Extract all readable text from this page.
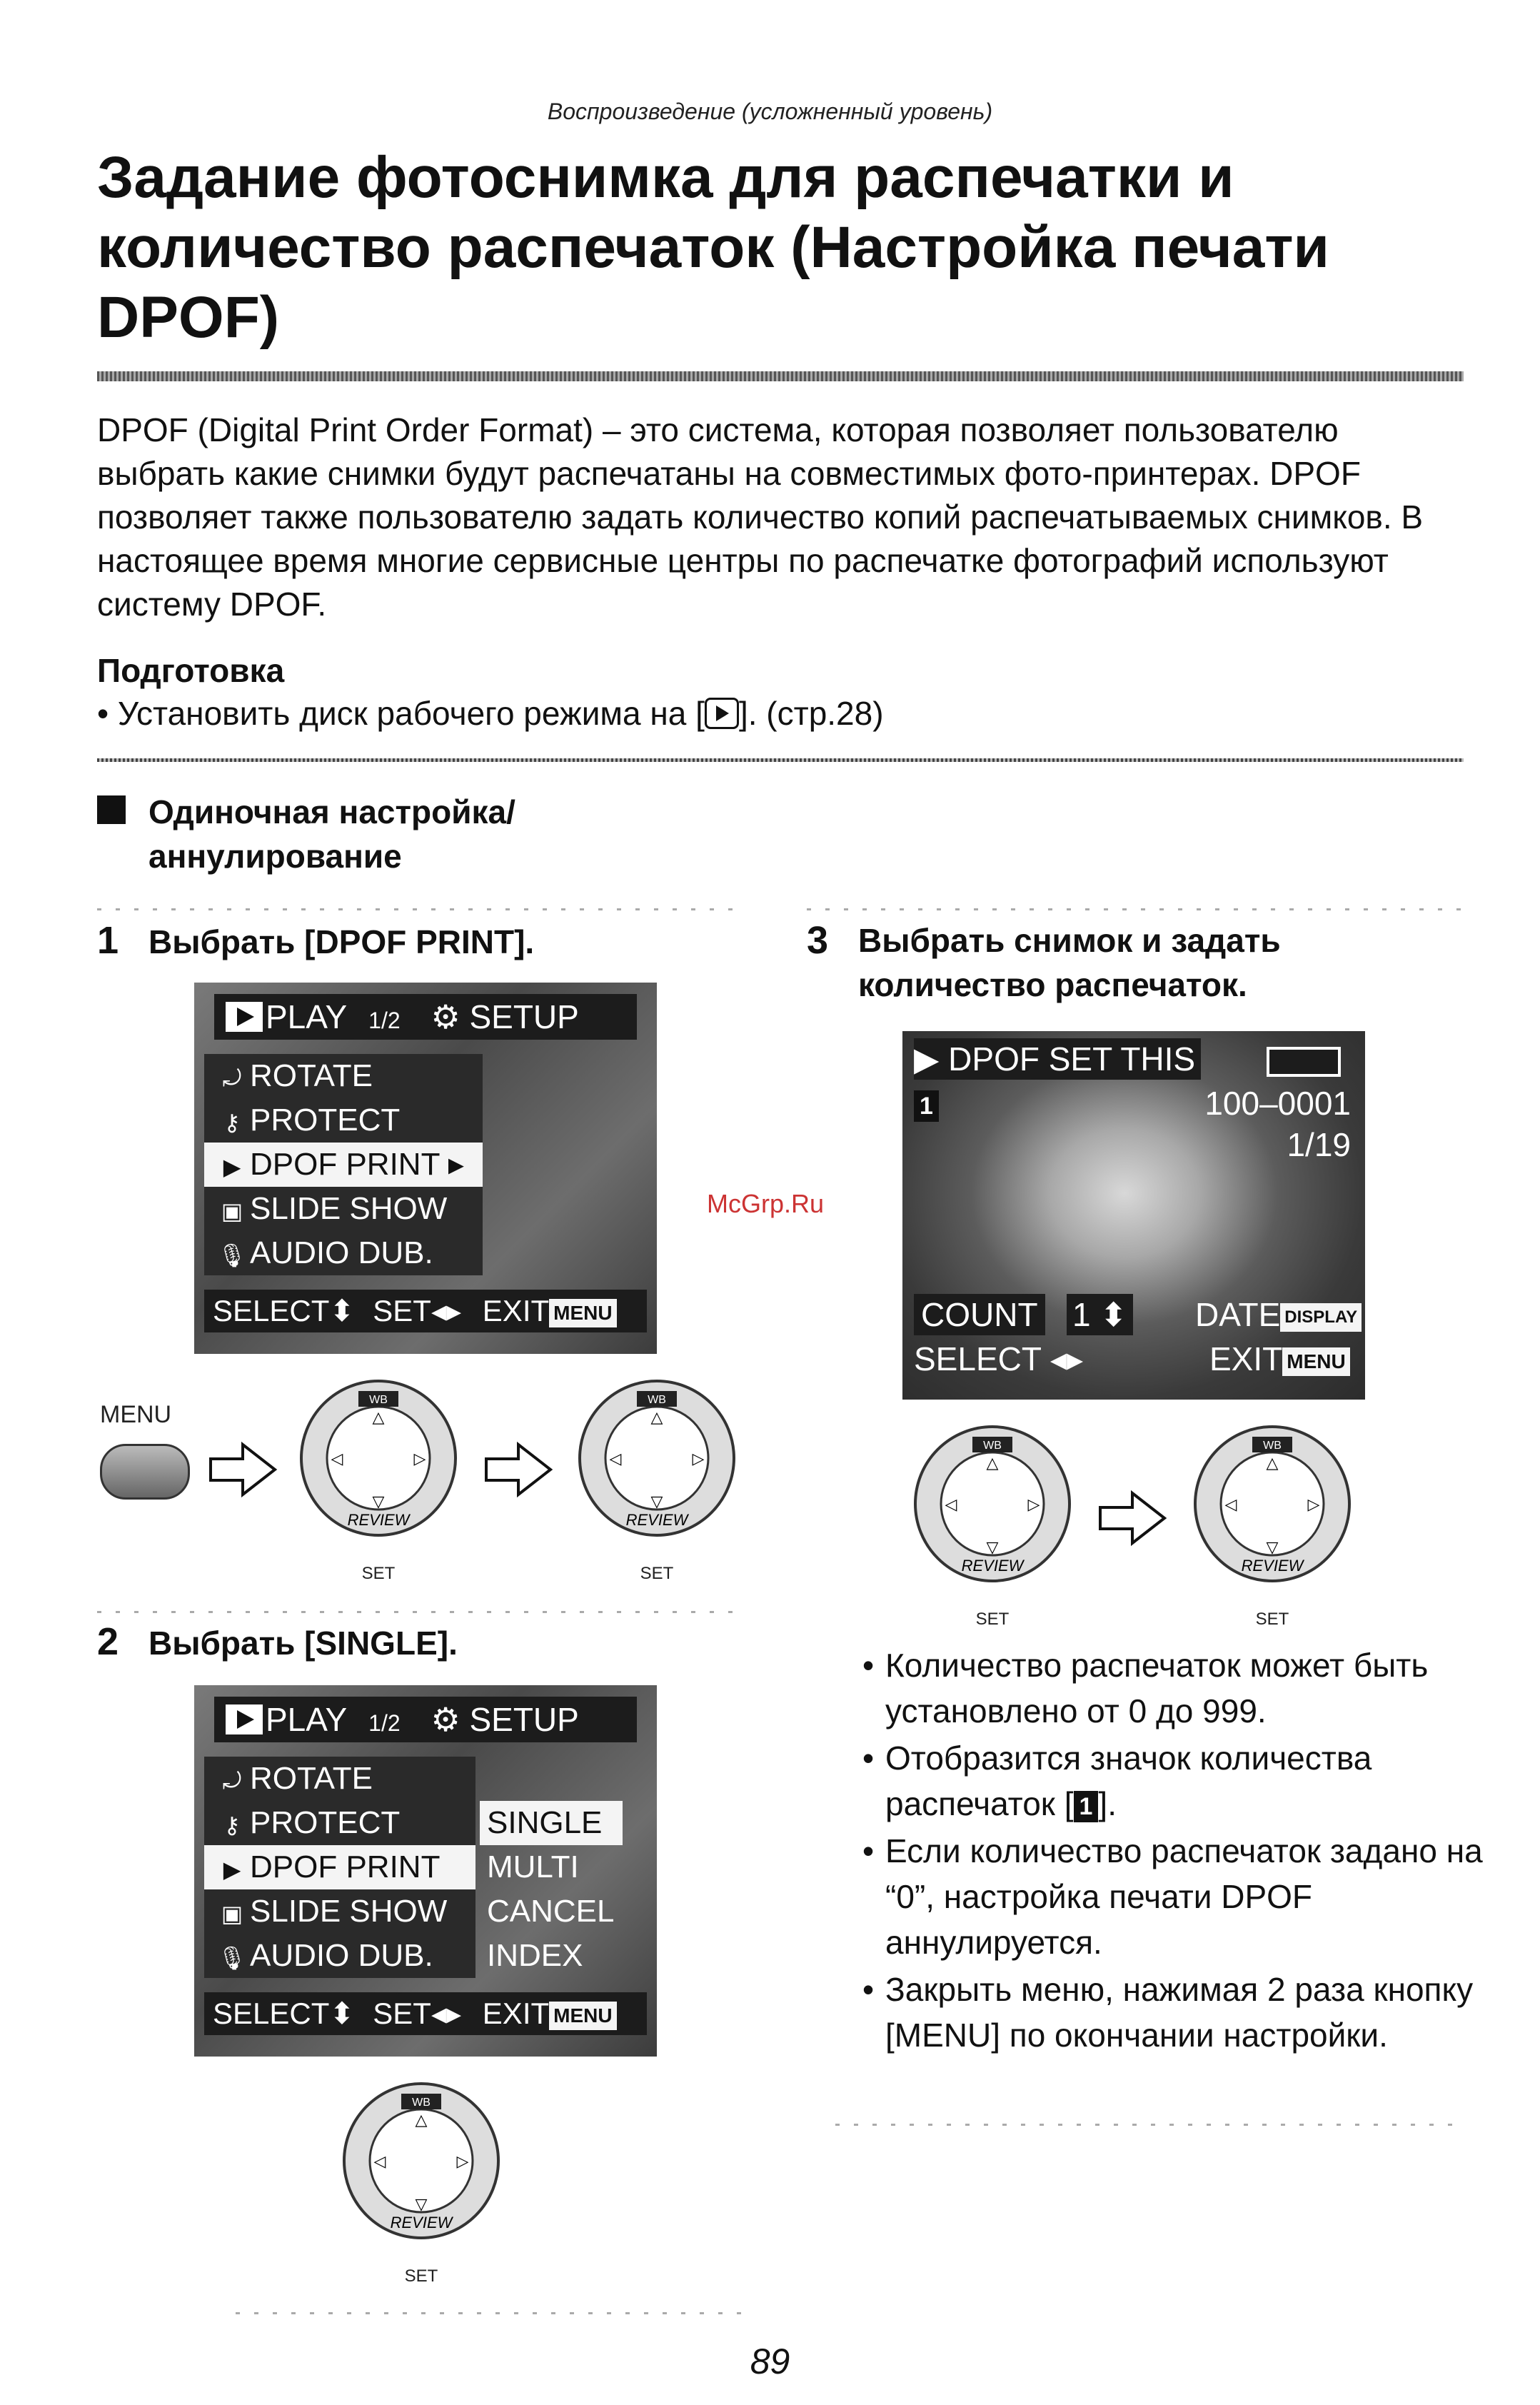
Воспроизведение (усложненный уровень)
Задание фотоснимка для распечатки и количество распечаток (Настройка печати DPOF)

DPOF (Digital Print Order Format) – это система, которая позволяет пользователю выбрать какие снимки будут распечатаны на совместимых фото-принтерах. DPOF позволяет также пользователю задать количество копий распечатываемых снимков. В настоящее время многие сервисные центры по распечатке фотографий используют систему DPOF.

Подготовка
• Установить диск рабочего режима на [ ]. (стр.28)
Одиночная настройка/ аннулирование
1 Выбрать [DPOF PRINT].
PLAY 1/2 ⚙ SETUP
⤾ ROTATE
⚷ PROTECT
▶ DPOF PRINT ▸
▣ SLIDE SHOW
🎙 AUDIO DUB.
SELECT⬍ SET◂▸ EXIT MENU
MENU
WB
△
▽
◁	▷
REVIEW
SET
WB
△
▽
◁	▷
REVIEW
SET
2 Выбрать [SINGLE].
PLAY 1/2 ⚙ SETUP
⤾ ROTATE
⚷ PROTECT
▶ DPOF PRINT
▣ SLIDE SHOW
🎙 AUDIO DUB.
SINGLE
MULTI
CANCEL
INDEX
SELECT⬍ SET◂▸ EXIT MENU
WB
△
▽
◁	▷
REVIEW
SET
3 Выбрать снимок и задать количество распечаток.
▶ DPOF SET THIS
1	100–0001
1/19
COUNT 1 ⬍ DATE DISPLAY
SELECT ◂▸	EXIT MENU
WB
△
▽
◁	▷
REVIEW
SET
WB
△
▽
◁	▷
REVIEW
SET
• Количество распечаток может быть установлено от 0 до 999.
• Отобразится значок количества распечаток [ 1 ].
• Если количество распечаток задано на “0”, настройка печати DPOF аннулируется.
• Закрыть меню, нажимая 2 раза кнопку [MENU] по окончании настройки.
McGrp.Ru
89
